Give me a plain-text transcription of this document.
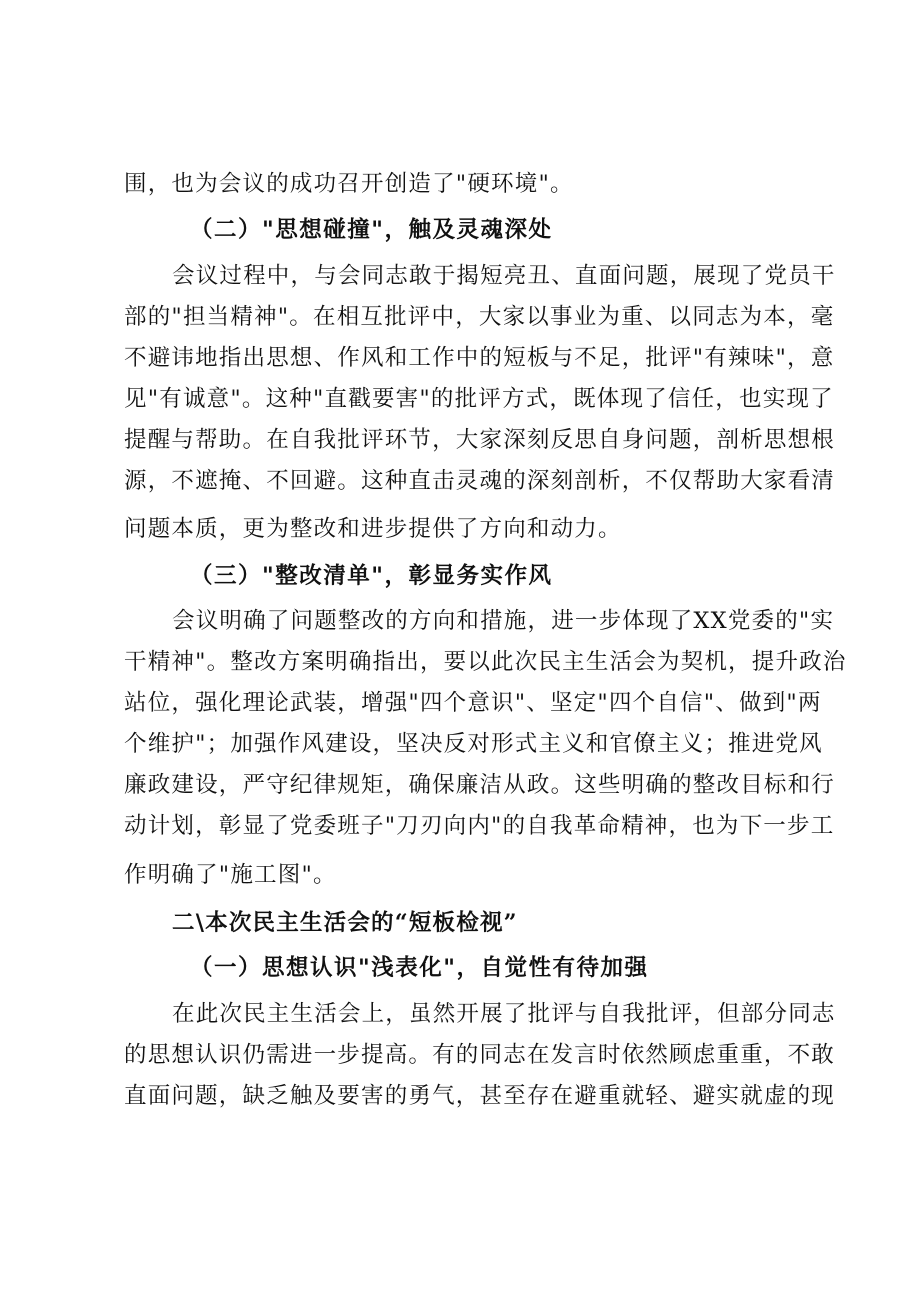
围，也为会议的成功召开创造了"硬环境"。
（二）"思想碰撞"，触及灵魂深处
会议过程中，与会同志敢于揭短亮丑、直面问题，展现了党员干
部的"担当精神"。在相互批评中，大家以事业为重、以同志为本，毫
不避讳地指出思想、作风和工作中的短板与不足，批评"有辣味"，意
见"有诚意"。这种"直戳要害"的批评方式，既体现了信任，也实现了
提醒与帮助。在自我批评环节，大家深刻反思自身问题，剖析思想根
源，不遮掩、不回避。这种直击灵魂的深刻剖析，不仅帮助大家看清
问题本质，更为整改和进步提供了方向和动力。
（三）"整改清单"，彰显务实作风
会议明确了问题整改的方向和措施，进一步体现了XX党委的"实
干精神"。整改方案明确指出，要以此次民主生活会为契机，提升政治
站位，强化理论武装，增强"四个意识"、坚定"四个自信"、做到"两
个维护"；加强作风建设，坚决反对形式主义和官僚主义；推进党风
廉政建设，严守纪律规矩，确保廉洁从政。这些明确的整改目标和行
动计划，彰显了党委班子"刀刃向内"的自我革命精神，也为下一步工
作明确了"施工图"。
二\本次民主生活会的“短板检视”
（一）思想认识"浅表化"，自觉性有待加强
在此次民主生活会上，虽然开展了批评与自我批评，但部分同志
的思想认识仍需进一步提高。有的同志在发言时依然顾虑重重，不敢
直面问题，缺乏触及要害的勇气，甚至存在避重就轻、避实就虚的现
